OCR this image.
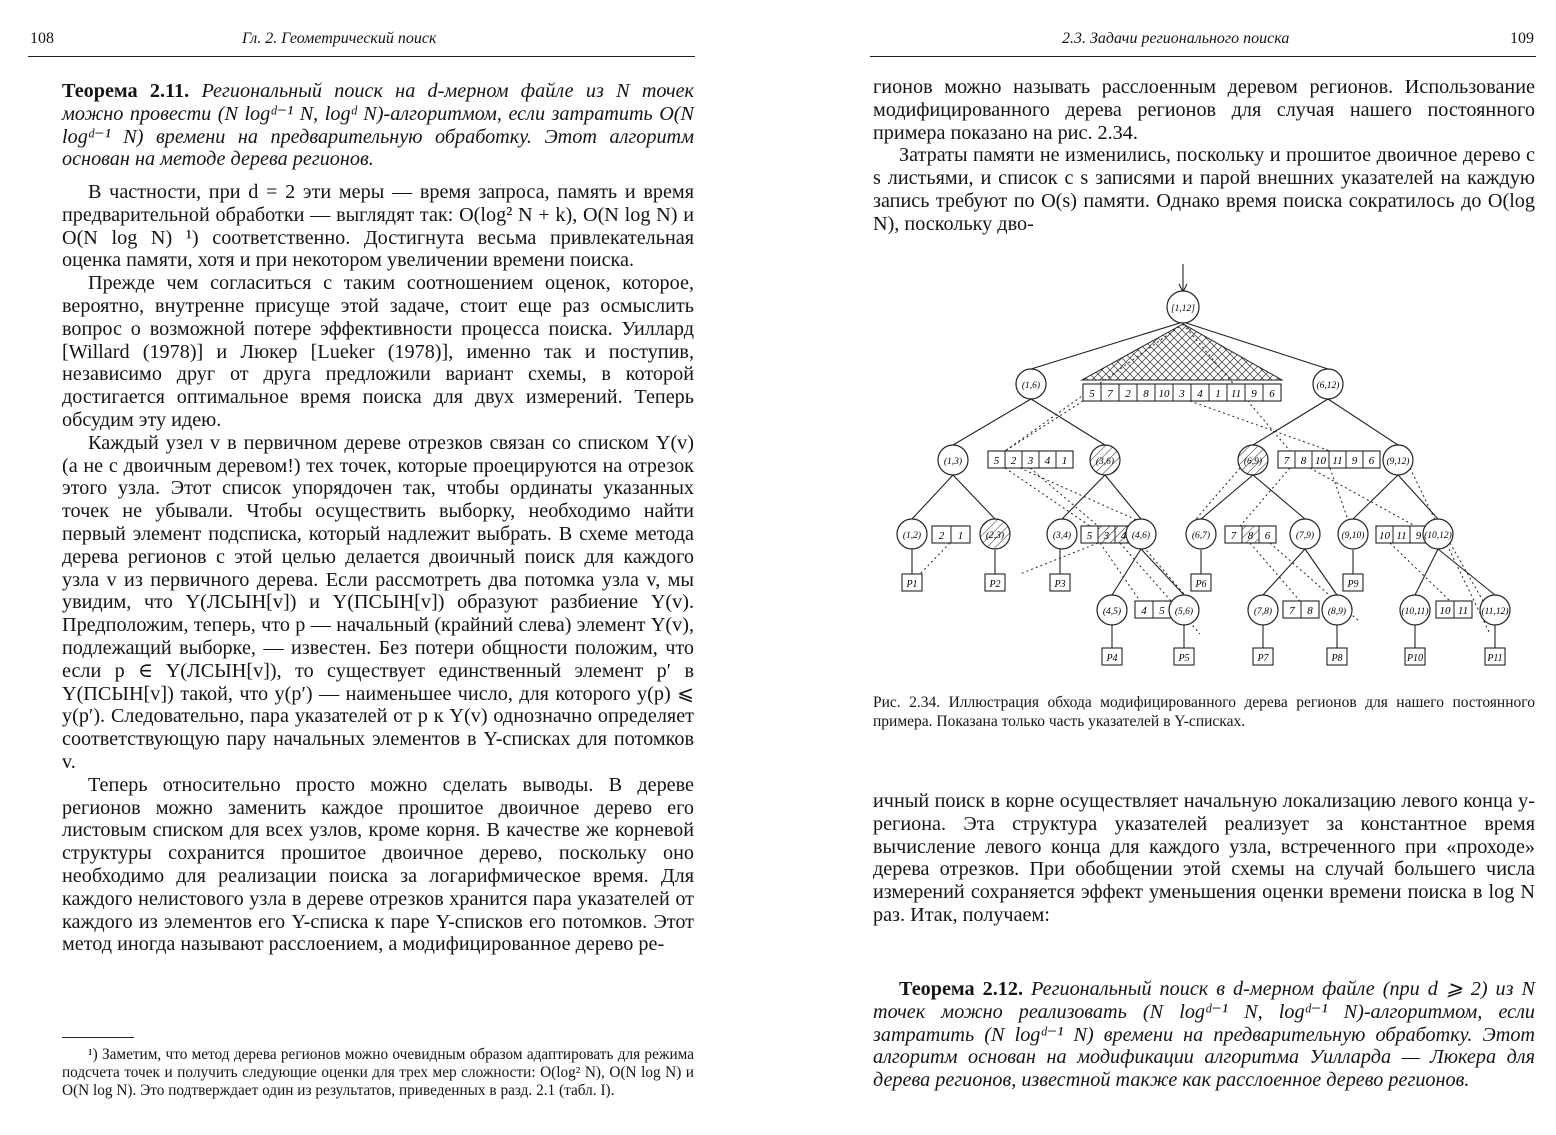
108	Гл. 2. Геометрический поиск

Теорема 2.11. Региональный поиск на d-мерном файле из N точек можно провести (N logᵈ⁻¹ N, logᵈ N)-алгоритмом, если затратить O(N logᵈ⁻¹ N) времени на предварительную обработку. Этот алгоритм основан на методе дерева регионов.

В частности, при d = 2 эти меры — время запроса, память и время предварительной обработки — выглядят так: O(log² N + k), O(N log N) и O(N log N) ¹) соответственно. Достигнута весьма привлекательная оценка памяти, хотя и при некотором увеличении времени поиска.

Прежде чем согласиться с таким соотношением оценок, которое, вероятно, внутренне присуще этой задаче, стоит еще раз осмыслить вопрос о возможной потере эффективности процесса поиска. Уиллард [Willard (1978)] и Люкер [Lueker (1978)], именно так и поступив, независимо друг от друга предложили вариант схемы, в которой достигается оптимальное время поиска для двух измерений. Теперь обсудим эту идею.

Каждый узел v в первичном дереве отрезков связан со списком Y(v) (а не с двоичным деревом!) тех точек, которые проецируются на отрезок этого узла. Этот список упорядочен так, чтобы ординаты указанных точек не убывали. Чтобы осуществить выборку, необходимо найти первый элемент подсписка, который надлежит выбрать. В схеме метода дерева регионов с этой целью делается двоичный поиск для каждого узла v из первичного дерева. Если рассмотреть два потомка узла v, мы увидим, что Y(ЛСЫН[v]) и Y(ПСЫН[v]) образуют разбиение Y(v). Предположим, теперь, что p — начальный (крайний слева) элемент Y(v), подлежащий выборке, — известен. Без потери общности положим, что если p ∈ Y(ЛСЫН[v]), то существует единственный элемент p′ в Y(ПСЫН[v]) такой, что y(p′) — наименьшее число, для которого y(p) ⩽ y(p′). Следовательно, пара указателей от p к Y(v) однозначно определяет соответствующую пару начальных элементов в Y-списках для потомков v.

Теперь относительно просто можно сделать выводы. В дереве регионов можно заменить каждое прошитое двоичное дерево его листовым списком для всех узлов, кроме корня. В качестве же корневой структуры сохранится прошитое двоичное дерево, поскольку оно необходимо для реализации поиска за логарифмическое время. Для каждого нелистового узла в дереве отрезков хранится пара указателей от каждого из элементов его Y-списка к паре Y-списков его потомков. Этот метод иногда называют расслоением, а модифицированное дерево ре-

¹) Заметим, что метод дерева регионов можно очевидным образом адаптировать для режима подсчета точек и получить следующие оценки для трех мер сложности: O(log² N), O(N log N) и O(N log N). Это подтверждает один из результатов, приведенных в разд. 2.1 (табл. I).

2.3. Задачи регионального поиска	109

гионов можно называть расслоенным деревом регионов. Использование модифицированного дерева регионов для случая нашего постоянного примера показано на рис. 2.34.

Затраты памяти не изменились, поскольку и прошитое двоичное дерево с s листьями, и список с s записями и парой внешних указателей на каждую запись требуют по O(s) памяти. Однако время поиска сократилось до O(log N), поскольку дво-

Рис. 2.34. Иллюстрация обхода модифицированного дерева регионов для нашего постоянного примера. Показана только часть указателей в Y-списках.

ичный поиск в корне осуществляет начальную локализацию левого конца y-региона. Эта структура указателей реализует за константное время вычисление левого конца для каждого узла, встреченного при «проходе» дерева отрезков. При обобщении этой схемы на случай большего числа измерений сохраняется эффект уменьшения оценки времени поиска в log N раз. Итак, получаем:

Теорема 2.12. Региональный поиск в d-мерном файле (при d ⩾ 2) из N точек можно реализовать (N logᵈ⁻¹ N, logᵈ⁻¹ N)-алгоритмом, если затратить (N logᵈ⁻¹ N) времени на предварительную обработку. Этот алгоритм основан на модификации алгоритма Уилларда — Люкера для дерева регионов, известной также как расслоенное дерево регионов.

5 7 2 8 10 3 4 1 11 9 6
5 2 3 4 1	7 8 10 11 9 6
2 1	5 3 4	7 8 6	10 11 9
4 5	7 8	10 11
[1,12]
(1,6)	(6,12)
(1,3)	(3,6)	(6,9)	(9,12)
(1,2)	(2,3)	(3,4)	(4,6)	(6,7)	(7,9)	(9,10)	(10,12)
(4,5)	(5,6)	(7,8)	(8,9)	(10,11)	(11,12)
P1	P2	P3
P4	P5
P6
P7	P8
P9
P10	P11
